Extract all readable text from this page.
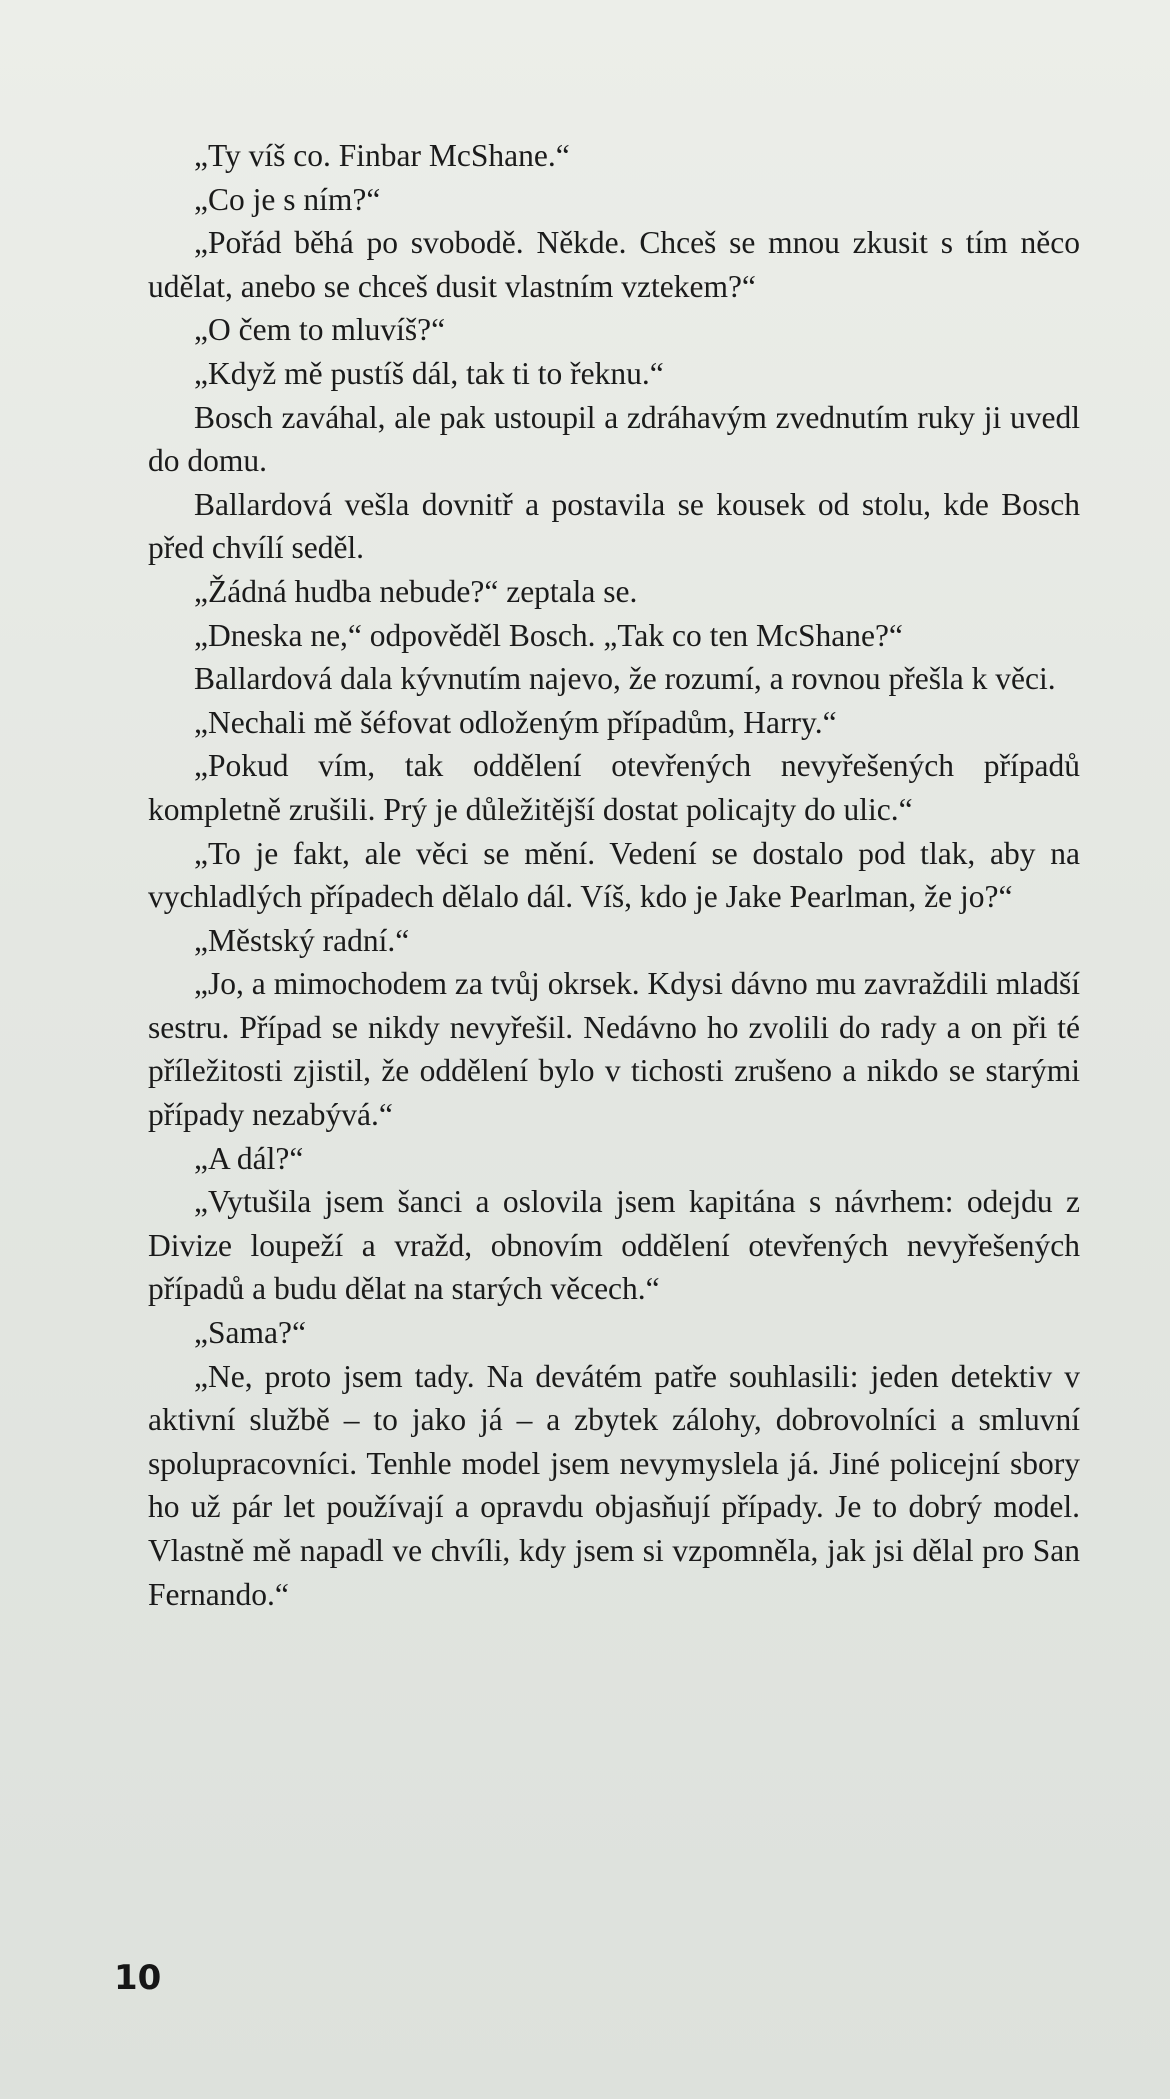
„Ty víš co. Finbar McShane.“

„Co je s ním?“

„Pořád běhá po svobodě. Někde. Chceš se mnou zkusit s tím něco udělat, anebo se chceš dusit vlastním vztekem?“

„O čem to mluvíš?“

„Když mě pustíš dál, tak ti to řeknu.“

Bosch zaváhal, ale pak ustoupil a zdráhavým zvednutím ruky ji uvedl do domu.

Ballardová vešla dovnitř a postavila se kousek od stolu, kde Bosch před chvílí seděl.

„Žádná hudba nebude?“ zeptala se.

„Dneska ne,“ odpověděl Bosch. „Tak co ten McShane?“

Ballardová dala kývnutím najevo, že rozumí, a rovnou přešla k věci.

„Nechali mě šéfovat odloženým případům, Harry.“

„Pokud vím, tak oddělení otevřených nevyřešených případů kompletně zrušili. Prý je důležitější dostat policajty do ulic.“

„To je fakt, ale věci se mění. Vedení se dostalo pod tlak, aby na vychladlých případech dělalo dál. Víš, kdo je Jake Pearlman, že jo?“

„Městský radní.“

„Jo, a mimochodem za tvůj okrsek. Kdysi dávno mu zavraždili mladší sestru. Případ se nikdy nevyřešil. Nedávno ho zvolili do rady a on při té příležitosti zjistil, že oddělení bylo v tichosti zrušeno a nikdo se starými případy nezabývá.“

„A dál?“

„Vytušila jsem šanci a oslovila jsem kapitána s návrhem: odejdu z Divize loupeží a vražd, obnovím oddělení otevřených nevyřešených případů a budu dělat na starých věcech.“

„Sama?“

„Ne, proto jsem tady. Na devátém patře souhlasili: jeden detektiv v aktivní službě – to jako já – a zbytek zálohy, dobrovolníci a smluvní spolupracovníci. Tenhle model jsem nevymyslela já. Jiné policejní sbory ho už pár let používají a opravdu objasňují případy. Je to dobrý model. Vlastně mě napadl ve chvíli, kdy jsem si vzpomněla, jak jsi dělal pro San Fernando.“

10
